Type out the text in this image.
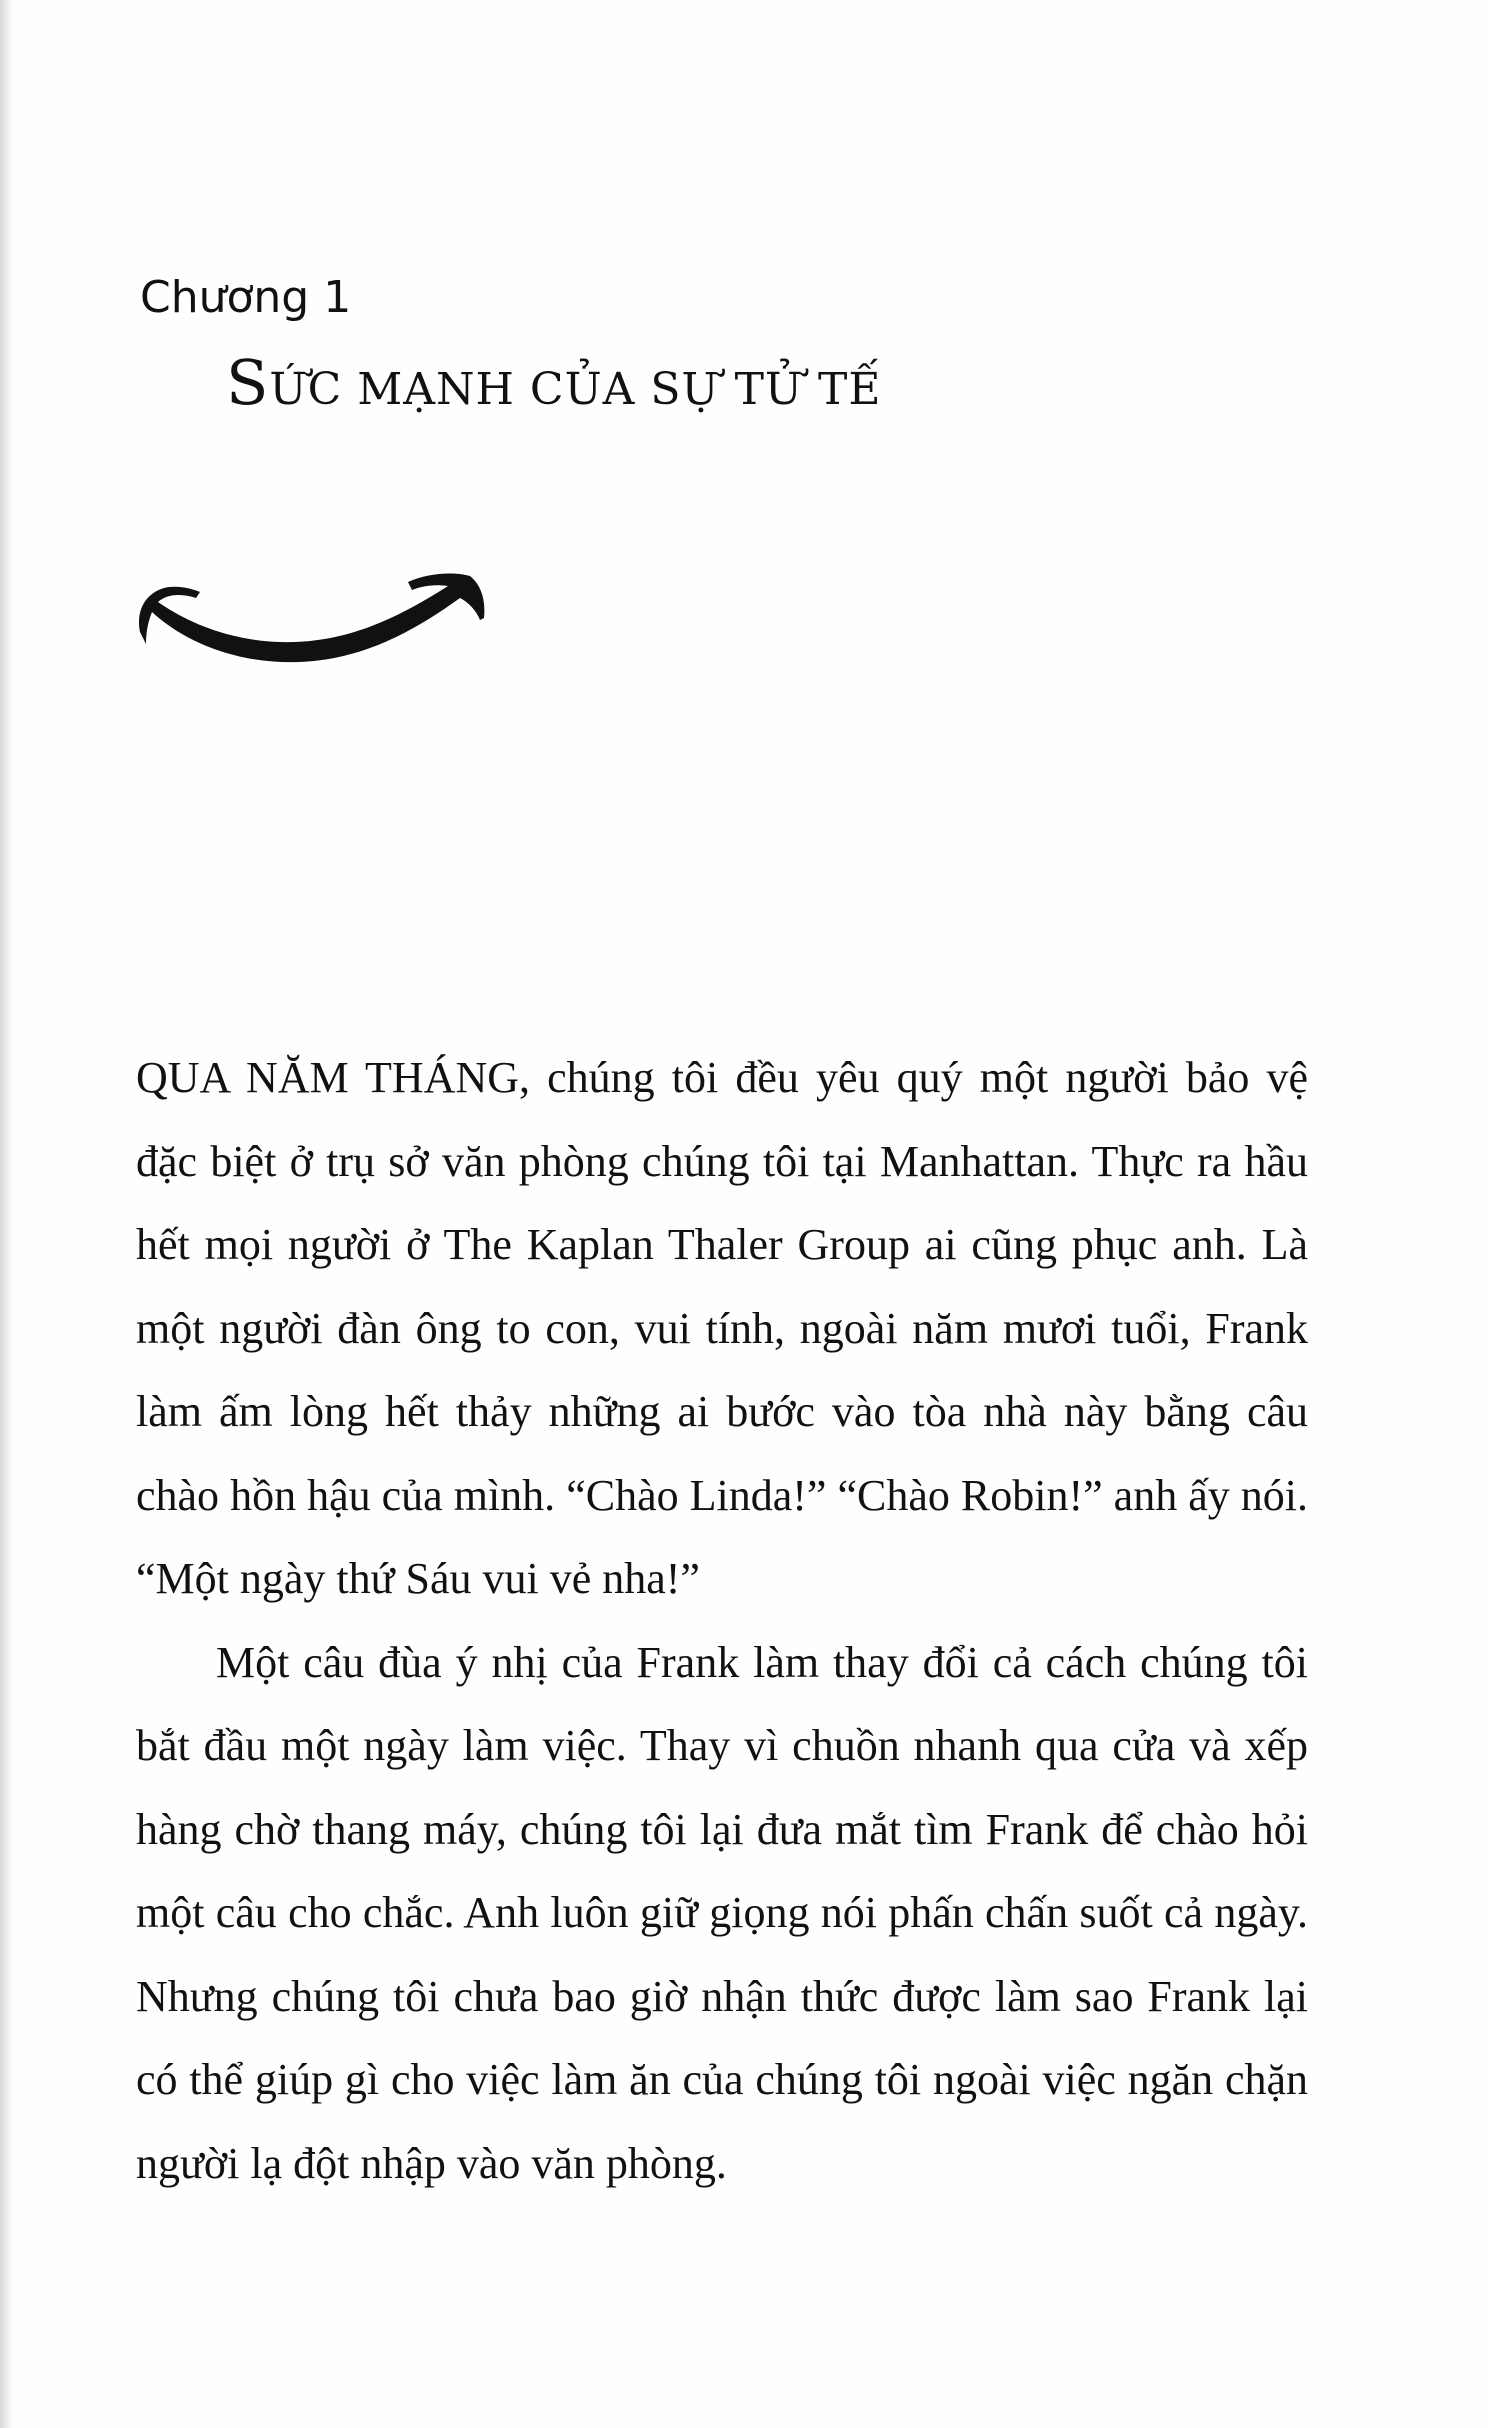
Chương 1
SỨC MẠNH CỦA SỰ TỬ TẾ

QUA NĂM THÁNG, chúng tôi đều yêu quý một người bảo vệ đặc biệt ở trụ sở văn phòng chúng tôi tại Manhattan. Thực ra hầu hết mọi người ở The Kaplan Thaler Group ai cũng phục anh. Là một người đàn ông to con, vui tính, ngoài năm mươi tuổi, Frank làm ấm lòng hết thảy những ai bước vào tòa nhà này bằng câu chào hồn hậu của mình. “Chào Linda!” “Chào Robin!” anh ấy nói. “Một ngày thứ Sáu vui vẻ nha!”

Một câu đùa ý nhị của Frank làm thay đổi cả cách chúng tôi bắt đầu một ngày làm việc. Thay vì chuồn nhanh qua cửa và xếp hàng chờ thang máy, chúng tôi lại đưa mắt tìm Frank để chào hỏi một câu cho chắc. Anh luôn giữ giọng nói phấn chấn suốt cả ngày. Nhưng chúng tôi chưa bao giờ nhận thức được làm sao Frank lại có thể giúp gì cho việc làm ăn của chúng tôi ngoài việc ngăn chặn người lạ đột nhập vào văn phòng.
